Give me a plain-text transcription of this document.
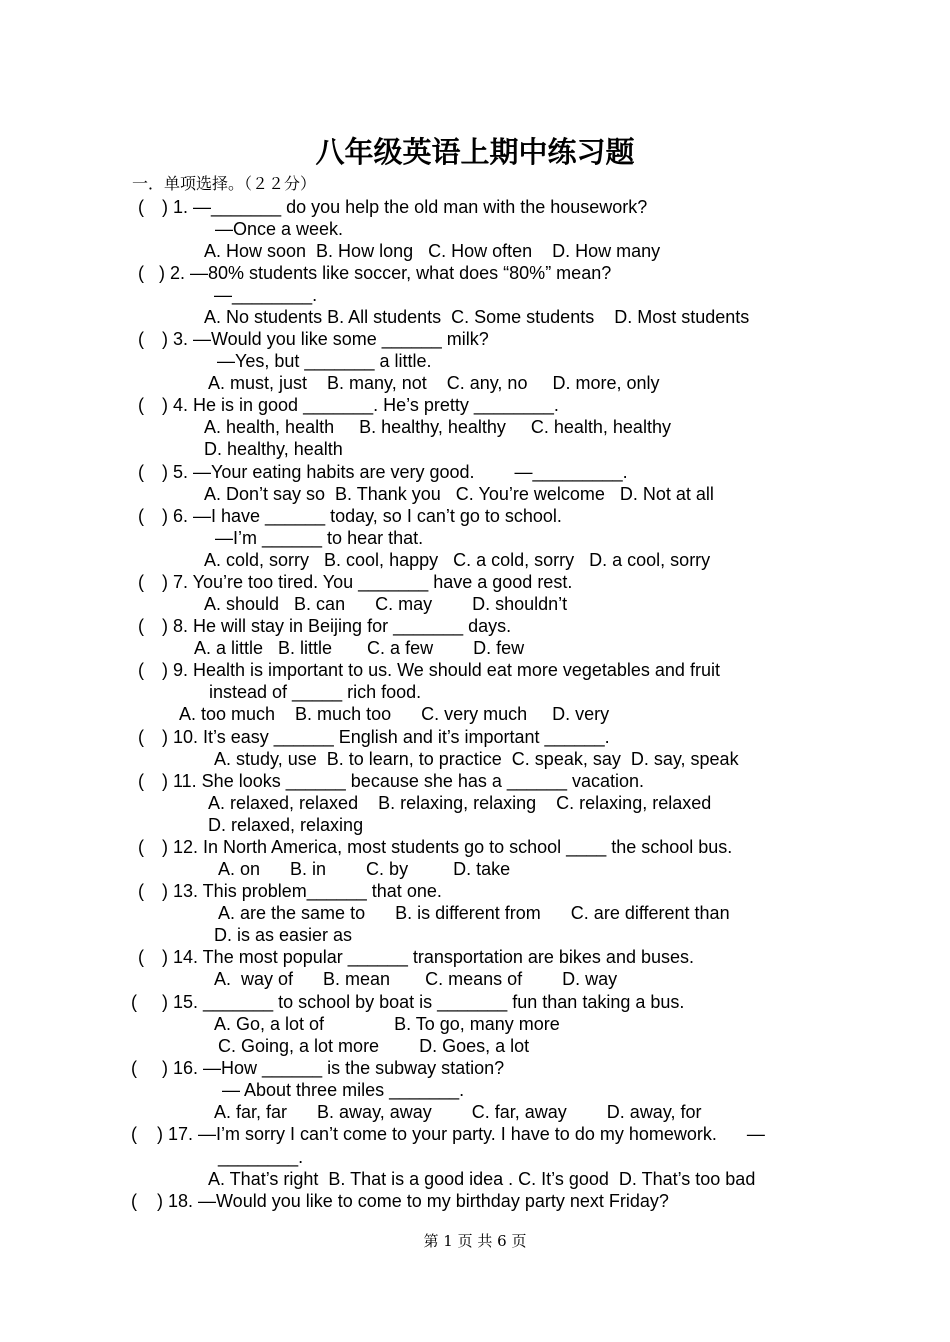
八年级英语上期中练习题
一．单项选择。（２２分）
(　) 1. —_______ do you help the old man with the housework?
—Once a week.
A. How soon  B. How long   C. How often    D. How many
(   ) 2. —80% students like soccer, what does “80%” mean?
—________.
A. No students B. All students  C. Some students    D. Most students
(　) 3. —Would you like some ______ milk?
—Yes, but _______ a little.
A. must, just    B. many, not    C. any, no     D. more, only
(　) 4. He is in good _______. He’s pretty ________.
A. health, health     B. healthy, healthy     C. health, healthy
D. healthy, health
(　) 5. —Your eating habits are very good.        —_________.
A. Don’t say so  B. Thank you   C. You’re welcome   D. Not at all
(　) 6. —I have ______ today, so I can’t go to school.
—I’m ______ to hear that.
A. cold, sorry   B. cool, happy   C. a cold, sorry   D. a cool, sorry
(　) 7. You’re too tired. You _______ have a good rest.
A. should   B. can      C. may        D. shouldn’t
(　) 8. He will stay in Beijing for _______ days.
A. a little   B. little       C. a few        D. few
(　) 9. Health is important to us. We should eat more vegetables and fruit
instead of _____ rich food.
A. too much    B. much too      C. very much     D. very
(　) 10. It’s easy ______ English and it’s important ______.
A. study, use  B. to learn, to practice  C. speak, say  D. say, speak
(　) 11. She looks ______ because she has a ______ vacation.
A. relaxed, relaxed    B. relaxing, relaxing    C. relaxing, relaxed
D. relaxed, relaxing
(　) 12. In North America, most students go to school ____ the school bus.
A. on      B. in        C. by         D. take
(　) 13. This problem______ that one.
A. are the same to      B. is different from      C. are different than
D. is as easier as
(　) 14. The most popular ______ transportation are bikes and buses.
A.  way of      B. mean       C. means of        D. way
(     ) 15. _______ to school by boat is _______ fun than taking a bus.
A. Go, a lot of              B. To go, many more
C. Going, a lot more        D. Goes, a lot
(     ) 16. —How ______ is the subway station?
— About three miles _______.
A. far, far      B. away, away        C. far, away        D. away, for
(    ) 17. —I’m sorry I can’t come to your party. I have to do my homework.      —
________.
A. That’s right  B. That is a good idea . C. It’s good  D. That’s too bad
(    ) 18. —Would you like to come to my birthday party next Friday?
第 1 页 共 6 页
